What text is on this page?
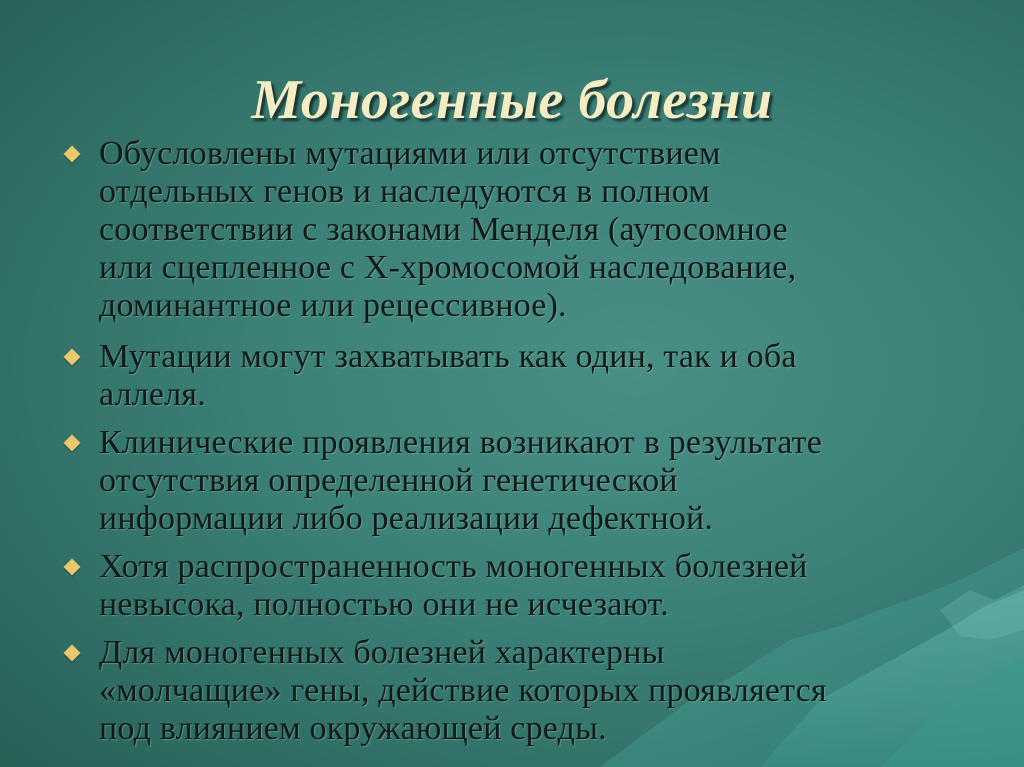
Моногенные болезни
Обусловлены мутациями или отсутствием
отдельных генов и наследуются в полном
соответствии с законами Менделя (аутосомное
или сцепленное с Х-хромосомой наследование,
доминантное или рецессивное).
Мутации могут захватывать как один, так и оба
аллеля.
Клинические проявления возникают в результате
отсутствия определенной генетической
информации либо реализации дефектной.
Хотя распространенность моногенных болезней
невысока, полностью они не исчезают.
Для моногенных болезней характерны
«молчащие» гены, действие которых проявляется
под влиянием окружающей среды.
